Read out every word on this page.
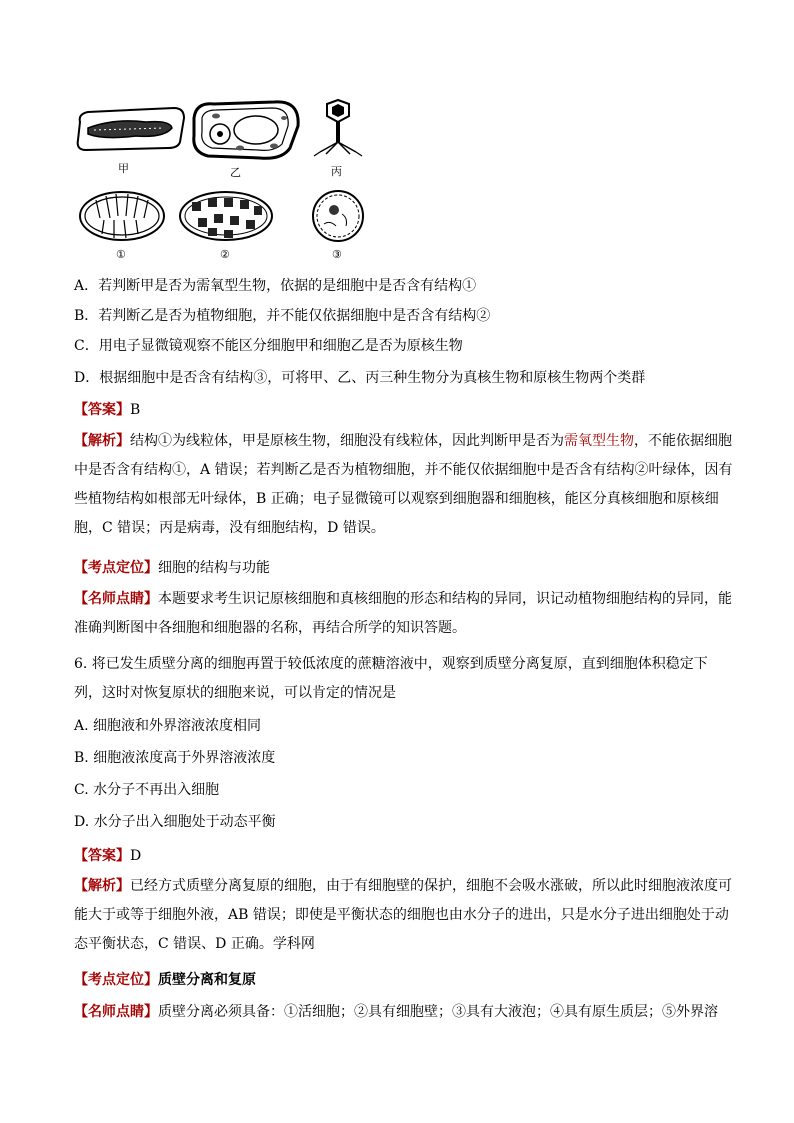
甲	乙	丙
①	②	③
A．若判断甲是否为需氧型生物，依据的是细胞中是否含有结构①
B．若判断乙是否为植物细胞，并不能仅依据细胞中是否含有结构②
C．用电子显微镜观察不能区分细胞甲和细胞乙是否为原核生物
D．根据细胞中是否含有结构③，可将甲、乙、丙三种生物分为真核生物和原核生物两个类群
【答案】B
【解析】结构①为线粒体，甲是原核生物，细胞没有线粒体，因此判断甲是否为需氧型生物，不能依据细胞中是否含有结构①，A 错误；若判断乙是否为植物细胞，并不能仅依据细胞中是否含有结构②叶绿体，因有些植物结构如根部无叶绿体，B 正确；电子显微镜可以观察到细胞器和细胞核，能区分真核细胞和原核细胞，C 错误；丙是病毒，没有细胞结构，D 错误。
【考点定位】细胞的结构与功能
【名师点睛】本题要求考生识记原核细胞和真核细胞的形态和结构的异同，识记动植物细胞结构的异同，能准确判断图中各细胞和细胞器的名称，再结合所学的知识答题。
6. 将已发生质壁分离的细胞再置于较低浓度的蔗糖溶液中，观察到质壁分离复原，直到细胞体积稳定下列，这时对恢复原状的细胞来说，可以肯定的情况是
A. 细胞液和外界溶液浓度相同
B. 细胞液浓度高于外界溶液浓度
C. 水分子不再出入细胞
D. 水分子出入细胞处于动态平衡
【答案】D
【解析】已经方式质壁分离复原的细胞，由于有细胞壁的保护，细胞不会吸水涨破，所以此时细胞液浓度可能大于或等于细胞外液，AB 错误；即使是平衡状态的细胞也由水分子的进出，只是水分子进出细胞处于动态平衡状态，C 错误、D 正确。学科网
【考点定位】质壁分离和复原
【名师点睛】质壁分离必须具备：①活细胞；②具有细胞壁；③具有大液泡；④具有原生质层；⑤外界溶
